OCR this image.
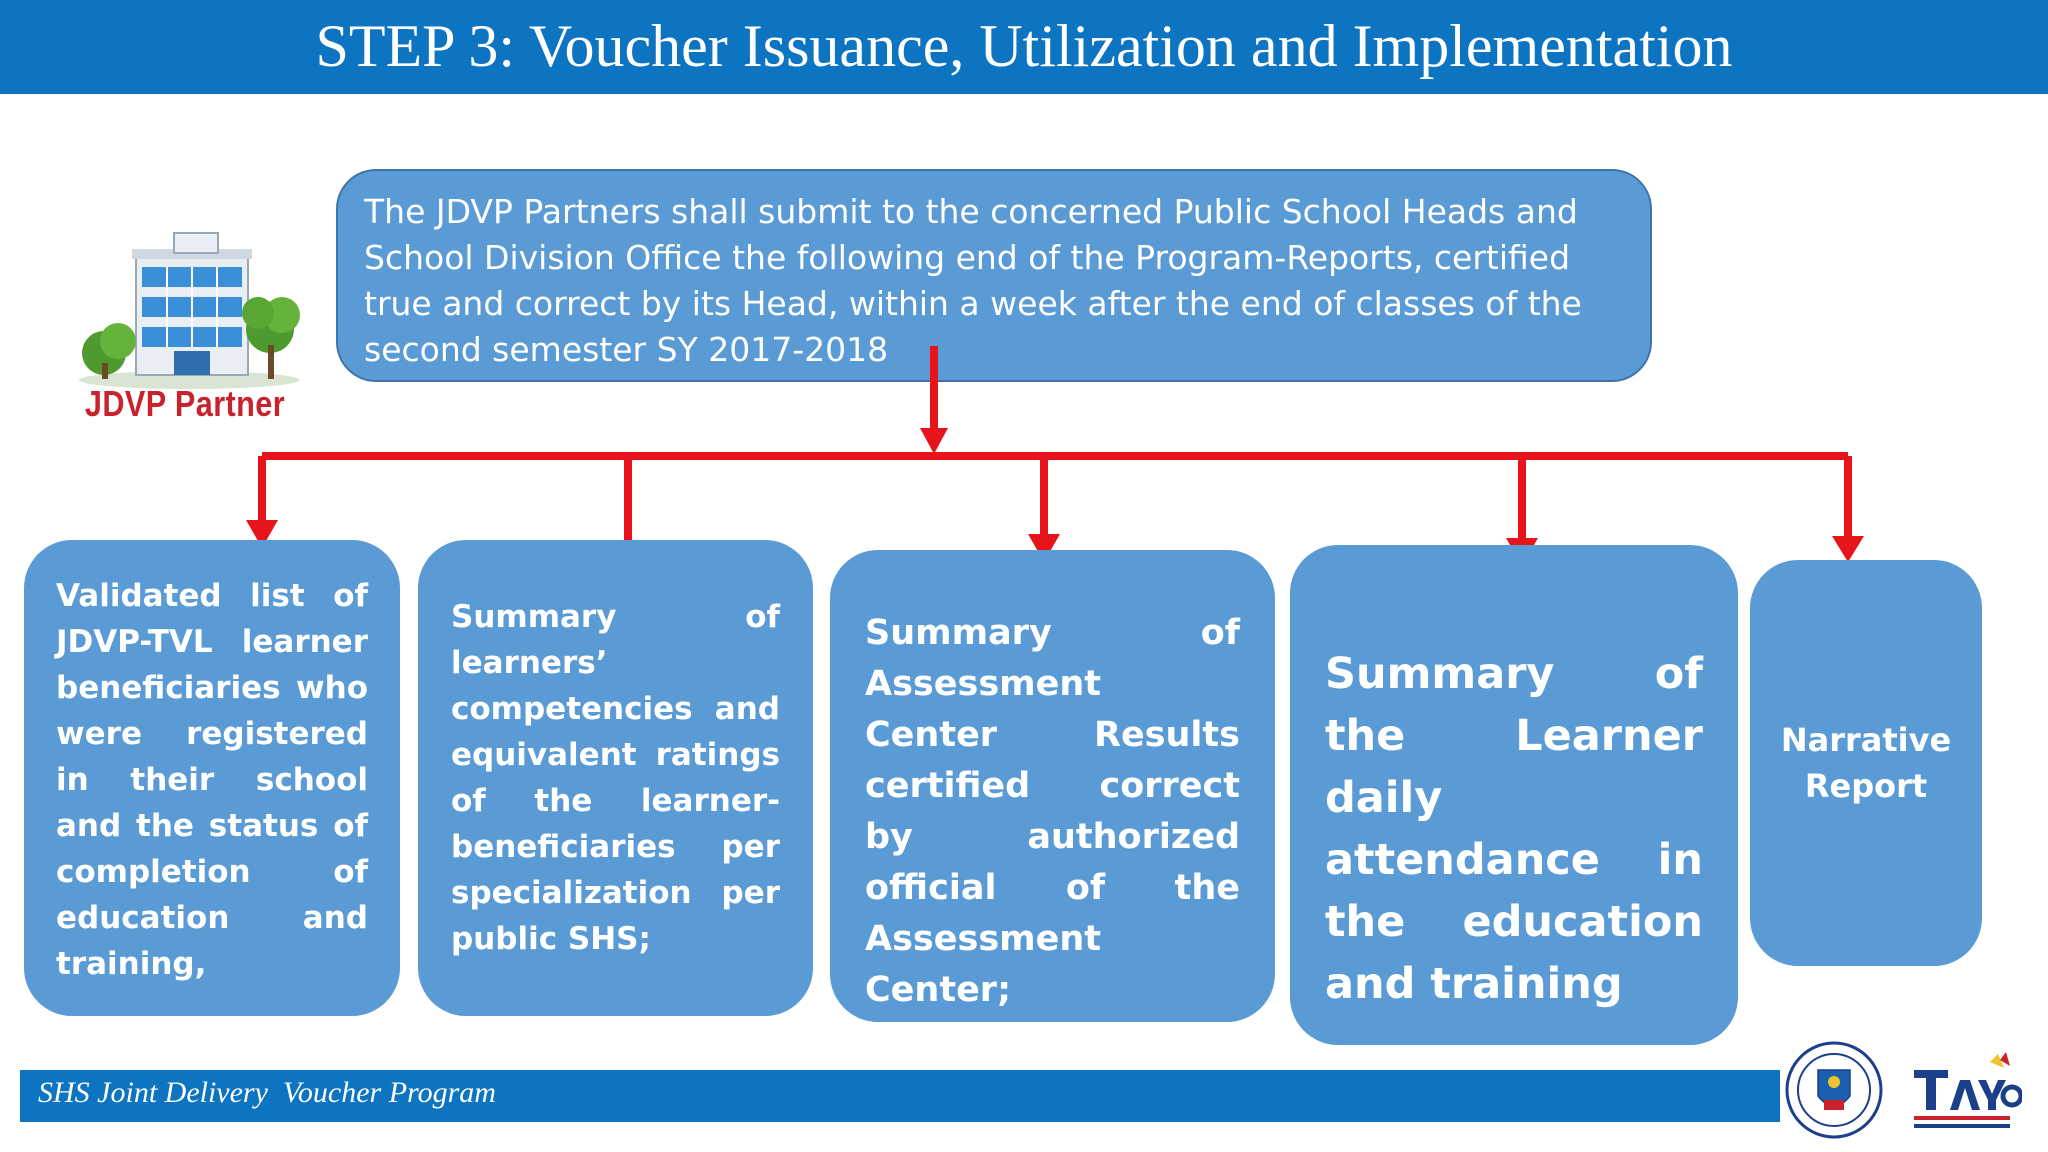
STEP 3: Voucher Issuance, Utilization and Implementation
JDVP Partner
The JDVP Partners shall submit to the concerned Public School Heads and School Division Office the following end of the Program-Reports, certified true and correct by its Head, within a week after the end of classes of the second semester SY 2017-2018
Validated list of JDVP-TVL learner beneficiaries who were registered in their school and the status of completion of education and training,
Summary of learners’ competencies and equivalent ratings of the learner-beneficiaries per specialization per public SHS;
Summary of Assessment Center Results certified correct by authorized official of the Assessment Center;
Summary of the Learner daily attendance in the education and training
Narrative Report
SHS Joint Delivery  Voucher Program
